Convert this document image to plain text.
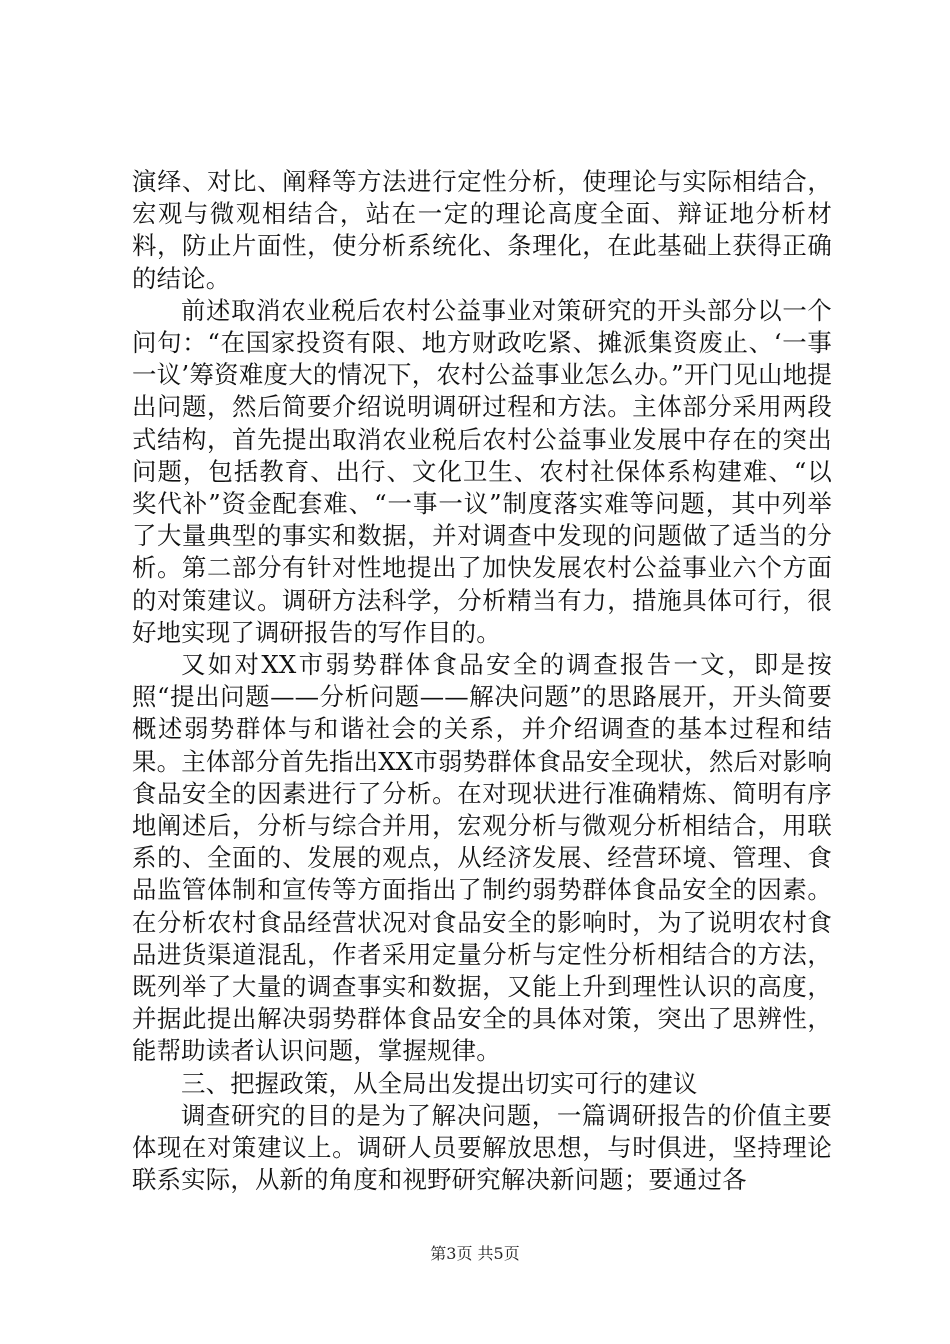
演绎、对比、阐释等方法进行定性分析，使理论与实际相结合，宏观与微观相结合，站在一定的理论高度全面、辩证地分析材料，防止片面性，使分析系统化、条理化，在此基础上获得正确的结论。

前述取消农业税后农村公益事业对策研究的开头部分以一个问句：“在国家投资有限、地方财政吃紧、摊派集资废止、‘一事一议’筹资难度大的情况下，农村公益事业怎么办。”开门见山地提出问题，然后简要介绍说明调研过程和方法。主体部分采用两段式结构，首先提出取消农业税后农村公益事业发展中存在的突出问题，包括教育、出行、文化卫生、农村社保体系构建难、“以奖代补”资金配套难、“一事一议”制度落实难等问题，其中列举了大量典型的事实和数据，并对调查中发现的问题做了适当的分析。第二部分有针对性地提出了加快发展农村公益事业六个方面的对策建议。调研方法科学，分析精当有力，措施具体可行，很好地实现了调研报告的写作目的。

又如对XX市弱势群体食品安全的调查报告一文，即是按照“提出问题——分析问题——解决问题”的思路展开，开头简要概述弱势群体与和谐社会的关系，并介绍调查的基本过程和结果。主体部分首先指出XX市弱势群体食品安全现状，然后对影响食品安全的因素进行了分析。在对现状进行准确精炼、简明有序地阐述后，分析与综合并用，宏观分析与微观分析相结合，用联系的、全面的、发展的观点，从经济发展、经营环境、管理、食品监管体制和宣传等方面指出了制约弱势群体食品安全的因素。在分析农村食品经营状况对食品安全的影响时，为了说明农村食品进货渠道混乱，作者采用定量分析与定性分析相结合的方法，既列举了大量的调查事实和数据，又能上升到理性认识的高度，并据此提出解决弱势群体食品安全的具体对策，突出了思辨性，能帮助读者认识问题，掌握规律。

三、把握政策，从全局出发提出切实可行的建议

调查研究的目的是为了解决问题，一篇调研报告的价值主要体现在对策建议上。调研人员要解放思想，与时俱进，坚持理论联系实际，从新的角度和视野研究解决新问题；要通过各

第3页 共5页
